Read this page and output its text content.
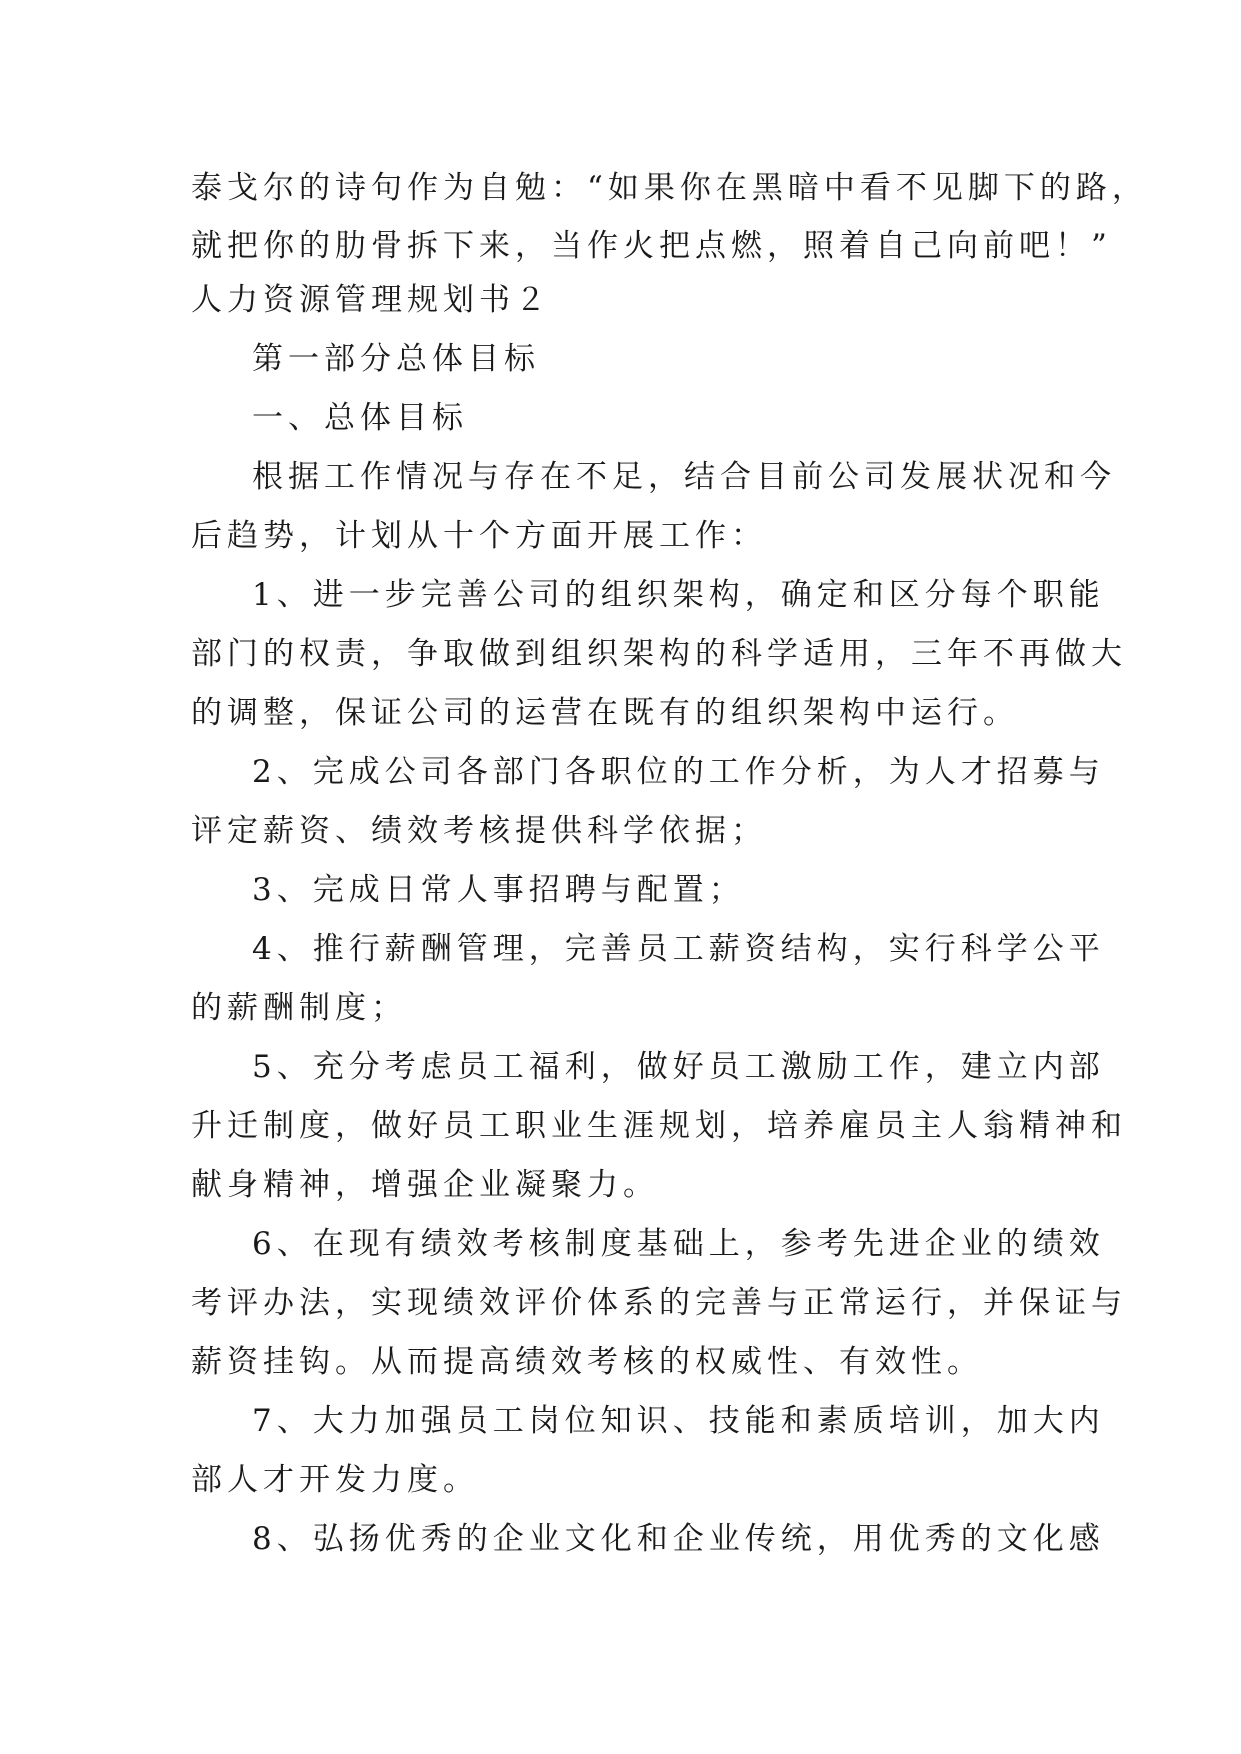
泰戈尔的诗句作为自勉：“如果你在黑暗中看不见脚下的路，
就把你的肋骨拆下来，当作火把点燃，照着自己向前吧！”
人力资源管理规划书２
第一部分总体目标
一、总体目标
根据工作情况与存在不足，结合目前公司发展状况和今
后趋势，计划从十个方面开展工作：
1、进一步完善公司的组织架构，确定和区分每个职能
部门的权责，争取做到组织架构的科学适用，三年不再做大
的调整，保证公司的运营在既有的组织架构中运行。
2、完成公司各部门各职位的工作分析，为人才招募与
评定薪资、绩效考核提供科学依据；
3、完成日常人事招聘与配置；
4、推行薪酬管理，完善员工薪资结构，实行科学公平
的薪酬制度；
5、充分考虑员工福利，做好员工激励工作，建立内部
升迁制度，做好员工职业生涯规划，培养雇员主人翁精神和
献身精神，增强企业凝聚力。
6、在现有绩效考核制度基础上，参考先进企业的绩效
考评办法，实现绩效评价体系的完善与正常运行，并保证与
薪资挂钩。从而提高绩效考核的权威性、有效性。
7、大力加强员工岗位知识、技能和素质培训，加大内
部人才开发力度。
8、弘扬优秀的企业文化和企业传统，用优秀的文化感
